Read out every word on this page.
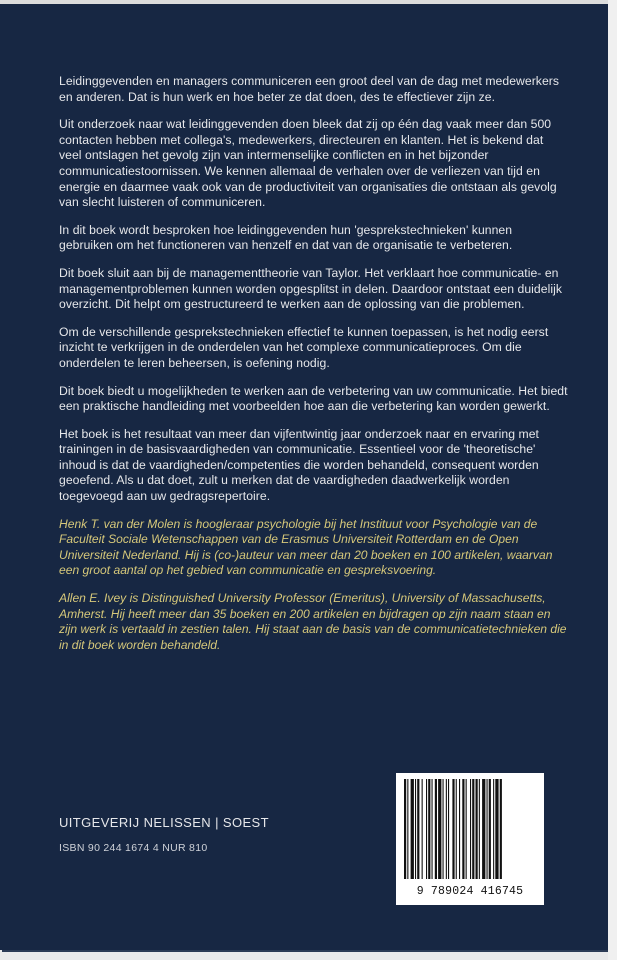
Leidinggevenden en managers communiceren een groot deel van de dag met medewerkers en anderen. Dat is hun werk en hoe beter ze dat doen, des te effectiever zijn ze.

Uit onderzoek naar wat leidinggevenden doen bleek dat zij op één dag vaak meer dan 500 contacten hebben met collega's, medewerkers, directeuren en klanten. Het is bekend dat veel ontslagen het gevolg zijn van intermenselijke conflicten en in het bijzonder communicatiestoornissen. We kennen allemaal de verhalen over de verliezen van tijd en energie en daarmee vaak ook van de productiviteit van organisaties die ontstaan als gevolg van slecht luisteren of communiceren.

In dit boek wordt besproken hoe leidinggevenden hun 'gesprekstechnieken' kunnen gebruiken om het functioneren van henzelf en dat van de organisatie te verbeteren.

Dit boek sluit aan bij de managementtheorie van Taylor. Het verklaart hoe communicatie- en managementproblemen kunnen worden opgesplitst in delen. Daardoor ontstaat een duidelijk overzicht. Dit helpt om gestructureerd te werken aan de oplossing van die problemen.

Om de verschillende gesprekstechnieken effectief te kunnen toepassen, is het nodig eerst inzicht te verkrijgen in de onderdelen van het complexe communicatieproces. Om die onderdelen te leren beheersen, is oefening nodig.

Dit boek biedt u mogelijkheden te werken aan de verbetering van uw communicatie. Het biedt een praktische handleiding met voorbeelden hoe aan die verbetering kan worden gewerkt.

Het boek is het resultaat van meer dan vijfentwintig jaar onderzoek naar en ervaring met trainingen in de basisvaardigheden van communicatie. Essentieel voor de 'theoretische' inhoud is dat de vaardigheden/competenties die worden behandeld, consequent worden geoefend. Als u dat doet, zult u merken dat de vaardigheden daadwerkelijk worden toegevoegd aan uw gedragsrepertoire.

Henk T. van der Molen is hoogleraar psychologie bij het Instituut voor Psychologie van de Faculteit Sociale Wetenschappen van de Erasmus Universiteit Rotterdam en de Open Universiteit Nederland. Hij is (co-)auteur van meer dan 20 boeken en 100 artikelen, waarvan een groot aantal op het gebied van communicatie en gespreksvoering.

Allen E. Ivey is Distinguished University Professor (Emeritus), University of Massachusetts, Amherst. Hij heeft meer dan 35 boeken en 200 artikelen en bijdragen op zijn naam staan en zijn werk is vertaald in zestien talen. Hij staat aan de basis van de communicatietechnieken die in dit boek worden behandeld.

UITGEVERIJ NELISSEN | SOEST
ISBN 90 244 1674 4 NUR 810
9 789024 416745
